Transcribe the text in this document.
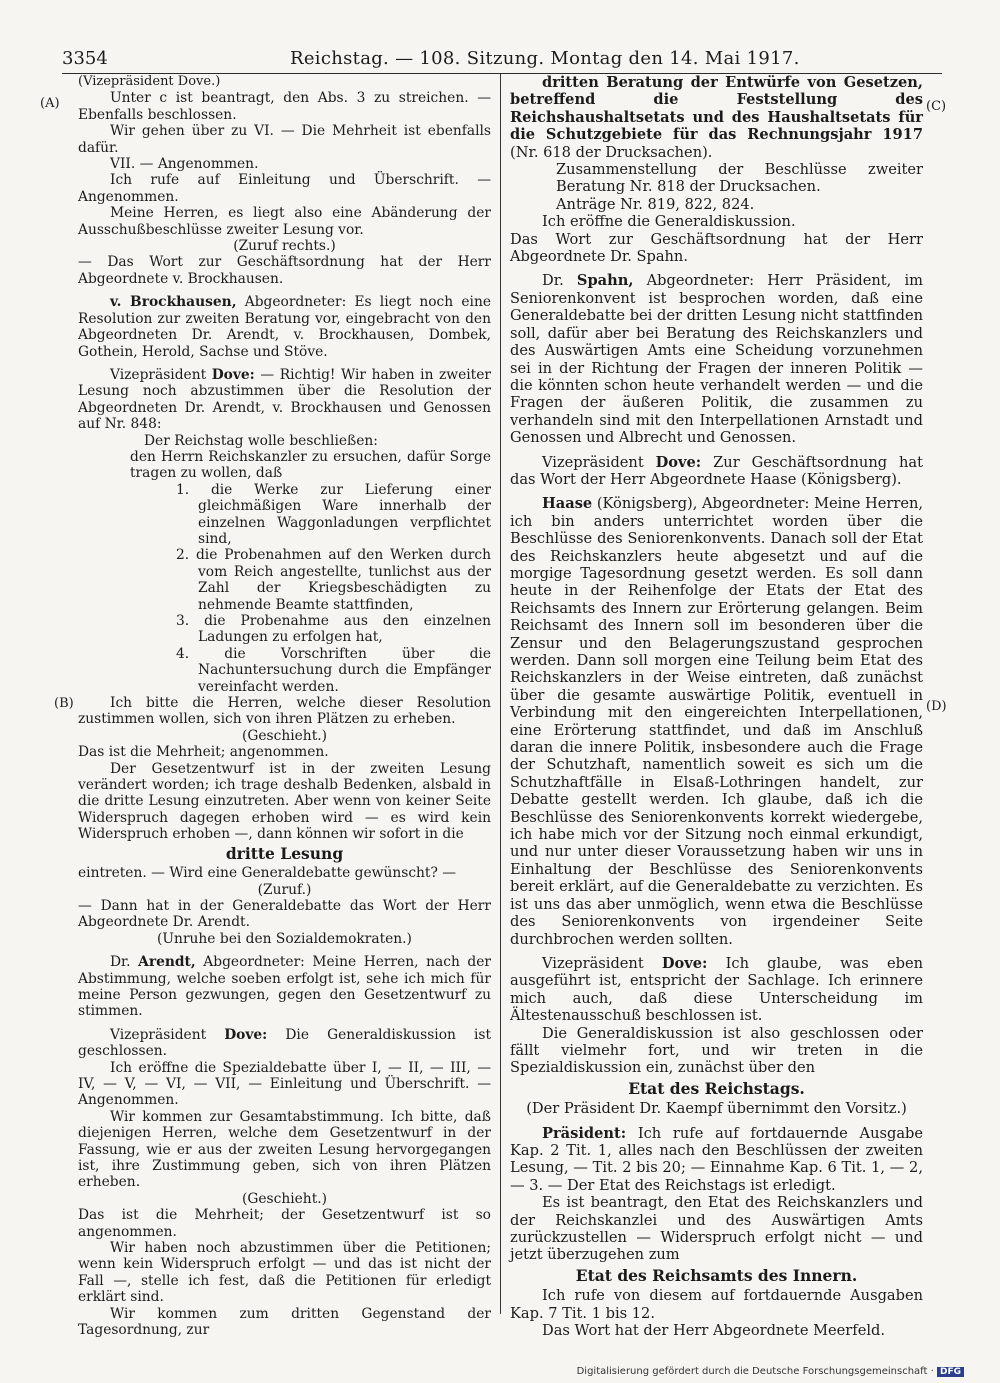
3354	Reichstag. — 108. Sitzung. Montag den 14. Mai 1917.
(A)
(B)
(C)
(D)

(Vizepräsident Dove.)

Unter c ist beantragt, den Abs. 3 zu streichen. — Ebenfalls beschlossen.

Wir gehen über zu VI. — Die Mehrheit ist ebenfalls dafür.

VII. — Angenommen.

Ich rufe auf Einleitung und Überschrift. — Angenommen.

Meine Herren, es liegt also eine Abänderung der Ausschußbeschlüsse zweiter Lesung vor.

(Zuruf rechts.)

— Das Wort zur Geschäftsordnung hat der Herr Abgeordnete v. Brockhausen.

v. Brockhausen, Abgeordneter: Es liegt noch eine Resolution zur zweiten Beratung vor, eingebracht von den Abgeordneten Dr. Arendt, v. Brockhausen, Dombek, Gothein, Herold, Sachse und Stöve.

Vizepräsident Dove: — Richtig! Wir haben in zweiter Lesung noch abzustimmen über die Resolution der Abgeordneten Dr. Arendt, v. Brockhausen und Genossen auf Nr. 848:

Der Reichstag wolle beschließen:

den Herrn Reichskanzler zu ersuchen, dafür Sorge tragen zu wollen, daß

1. die Werke zur Lieferung einer gleichmäßigen Ware innerhalb der einzelnen Waggonladungen verpflichtet sind,

2. die Probenahmen auf den Werken durch vom Reich angestellte, tunlichst aus der Zahl der Kriegsbeschädigten zu nehmende Beamte stattfinden,

3. die Probenahme aus den einzelnen Ladungen zu erfolgen hat,

4. die Vorschriften über die Nachuntersuchung durch die Empfänger vereinfacht werden.

Ich bitte die Herren, welche dieser Resolution zustimmen wollen, sich von ihren Plätzen zu erheben.

(Geschieht.)

Das ist die Mehrheit; angenommen.

Der Gesetzentwurf ist in der zweiten Lesung verändert worden; ich trage deshalb Bedenken, alsbald in die dritte Lesung einzutreten. Aber wenn von keiner Seite Widerspruch dagegen erhoben wird — es wird kein Widerspruch erhoben —, dann können wir sofort in die

dritte Lesung

eintreten. — Wird eine Generaldebatte gewünscht? —

(Zuruf.)

— Dann hat in der Generaldebatte das Wort der Herr Abgeordnete Dr. Arendt.

(Unruhe bei den Sozialdemokraten.)

Dr. Arendt, Abgeordneter: Meine Herren, nach der Abstimmung, welche soeben erfolgt ist, sehe ich mich für meine Person gezwungen, gegen den Gesetzentwurf zu stimmen.

Vizepräsident Dove: Die Generaldiskussion ist geschlossen.

Ich eröffne die Spezialdebatte über I, — II, — III, — IV, — V, — VI, — VII, — Einleitung und Überschrift. — Angenommen.

Wir kommen zur Gesamtabstimmung. Ich bitte, daß diejenigen Herren, welche dem Gesetzentwurf in der Fassung, wie er aus der zweiten Lesung hervorgegangen ist, ihre Zustimmung geben, sich von ihren Plätzen erheben.

(Geschieht.)

Das ist die Mehrheit; der Gesetzentwurf ist so angenommen.

Wir haben noch abzustimmen über die Petitionen; wenn kein Widerspruch erfolgt — und das ist nicht der Fall —, stelle ich fest, daß die Petitionen für erledigt erklärt sind.

Wir kommen zum dritten Gegenstand der Tagesordnung, zur

dritten Beratung der Entwürfe von Gesetzen, betreffend die Feststellung des Reichshaushaltsetats und des Haushaltsetats für die Schutzgebiete für das Rechnungsjahr 1917 (Nr. 618 der Drucksachen).

Zusammenstellung der Beschlüsse zweiter Beratung Nr. 818 der Drucksachen.

Anträge Nr. 819, 822, 824.

Ich eröffne die Generaldiskussion.

Das Wort zur Geschäftsordnung hat der Herr Abgeordnete Dr. Spahn.

Dr. Spahn, Abgeordneter: Herr Präsident, im Seniorenkonvent ist besprochen worden, daß eine Generaldebatte bei der dritten Lesung nicht stattfinden soll, dafür aber bei Beratung des Reichskanzlers und des Auswärtigen Amts eine Scheidung vorzunehmen sei in der Richtung der Fragen der inneren Politik — die könnten schon heute verhandelt werden — und die Fragen der äußeren Politik, die zusammen zu verhandeln sind mit den Interpellationen Arnstadt und Genossen und Albrecht und Genossen.

Vizepräsident Dove: Zur Geschäftsordnung hat das Wort der Herr Abgeordnete Haase (Königsberg).

Haase (Königsberg), Abgeordneter: Meine Herren, ich bin anders unterrichtet worden über die Beschlüsse des Seniorenkonvents. Danach soll der Etat des Reichskanzlers heute abgesetzt und auf die morgige Tagesordnung gesetzt werden. Es soll dann heute in der Reihenfolge der Etats der Etat des Reichsamts des Innern zur Erörterung gelangen. Beim Reichsamt des Innern soll im besonderen über die Zensur und den Belagerungszustand gesprochen werden. Dann soll morgen eine Teilung beim Etat des Reichskanzlers in der Weise eintreten, daß zunächst über die gesamte auswärtige Politik, eventuell in Verbindung mit den eingereichten Interpellationen, eine Erörterung stattfindet, und daß im Anschluß daran die innere Politik, insbesondere auch die Frage der Schutzhaft, namentlich soweit es sich um die Schutzhaftfälle in Elsaß-Lothringen handelt, zur Debatte gestellt werden. Ich glaube, daß ich die Beschlüsse des Seniorenkonvents korrekt wiedergebe, ich habe mich vor der Sitzung noch einmal erkundigt, und nur unter dieser Voraussetzung haben wir uns in Einhaltung der Beschlüsse des Seniorenkonvents bereit erklärt, auf die Generaldebatte zu verzichten. Es ist uns das aber unmöglich, wenn etwa die Beschlüsse des Seniorenkonvents von irgendeiner Seite durchbrochen werden sollten.

Vizepräsident Dove: Ich glaube, was eben ausgeführt ist, entspricht der Sachlage. Ich erinnere mich auch, daß diese Unterscheidung im Ältestenausschuß beschlossen ist.

Die Generaldiskussion ist also geschlossen oder fällt vielmehr fort, und wir treten in die Spezialdiskussion ein, zunächst über den

Etat des Reichstags.

(Der Präsident Dr. Kaempf übernimmt den Vorsitz.)

Präsident: Ich rufe auf fortdauernde Ausgabe Kap. 2 Tit. 1, alles nach den Beschlüssen der zweiten Lesung, — Tit. 2 bis 20; — Einnahme Kap. 6 Tit. 1, — 2, — 3. — Der Etat des Reichstags ist erledigt.

Es ist beantragt, den Etat des Reichskanzlers und der Reichskanzlei und des Auswärtigen Amts zurückzustellen — Widerspruch erfolgt nicht — und jetzt überzugehen zum

Etat des Reichsamts des Innern.

Ich rufe von diesem auf fortdauernde Ausgaben Kap. 7 Tit. 1 bis 12.

Das Wort hat der Herr Abgeordnete Meerfeld.

Digitalisierung gefördert durch die Deutsche Forschungsgemeinschaft · DFG
